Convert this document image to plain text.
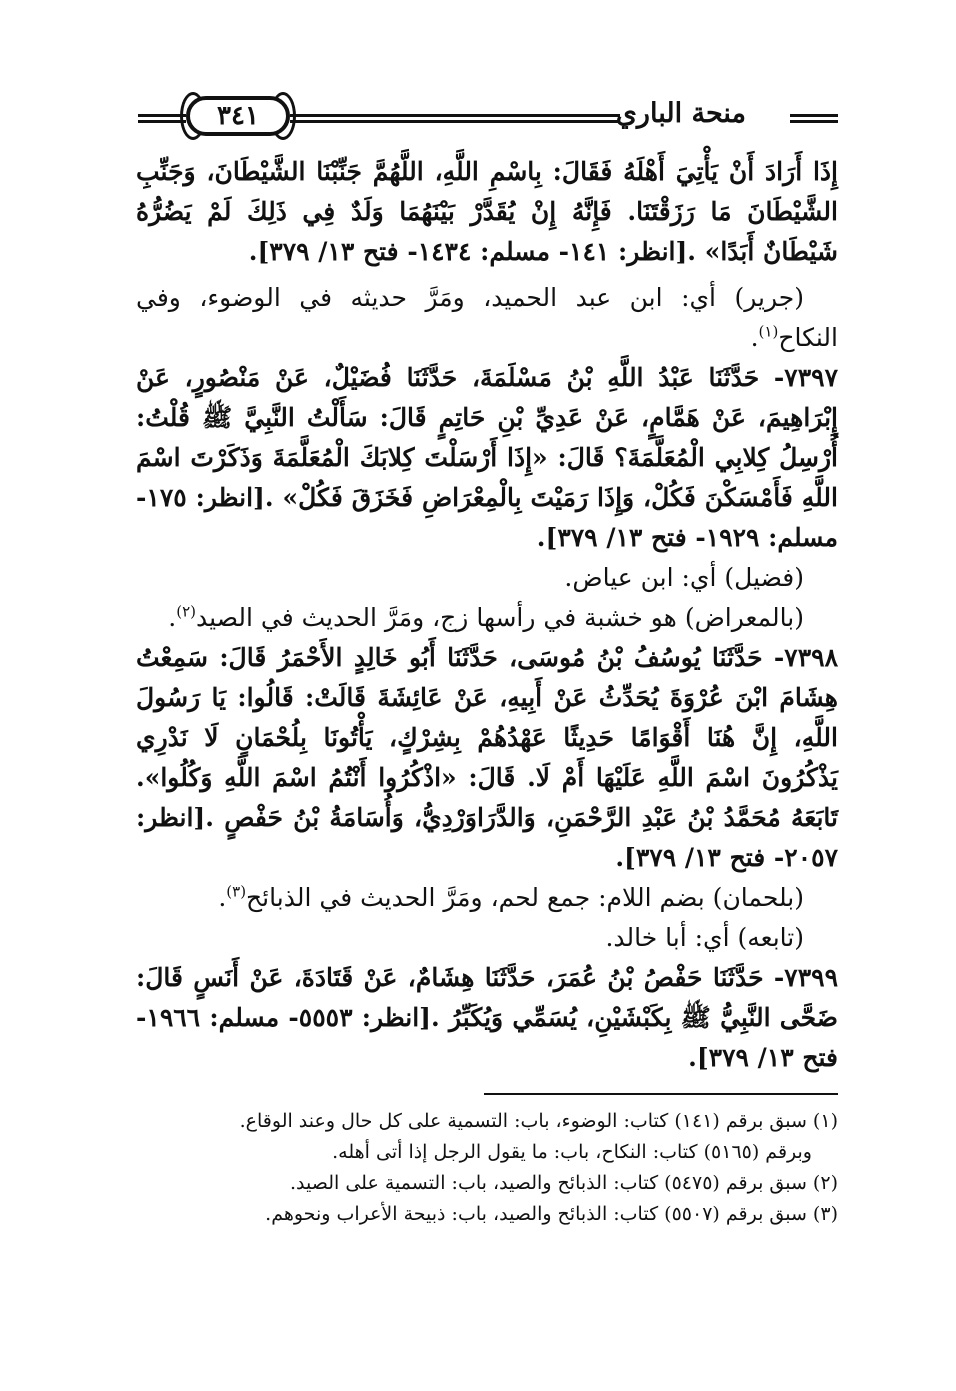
منحة الباري
٣٤١

إِذَا أَرَادَ أَنْ يَأْتِيَ أَهْلَهُ فَقَالَ: بِاسْمِ اللَّهِ، اللَّهُمَّ جَنِّبْنَا الشَّيْطَانَ، وَجَنِّبِ الشَّيْطَانَ مَا رَزَقْتَنَا. فَإِنَّهُ إِنْ يُقَدَّرْ بَيْنَهُمَا وَلَدٌ فِي ذَلِكَ لَمْ يَضُرُّهُ شَيْطَانٌ أَبَدًا» .[انظر: ١٤١- مسلم: ١٤٣٤- فتح ١٣/ ٣٧٩].

(جرير) أي: ابن عبد الحميد، ومَرَّ حديثه في الوضوء، وفي النكاح$^{(١)}$.

٧٣٩٧- حَدَّثَنَا عَبْدُ اللَّهِ بْنُ مَسْلَمَةَ، حَدَّثَنَا فُضَيْلٌ، عَنْ مَنْصُورٍ، عَنْ إِبْرَاهِيمَ، عَنْ هَمَّامٍ، عَنْ عَدِيِّ بْنِ حَاتِمٍ قَالَ: سَأَلْتُ النَّبِيَّ ﷺ قُلْتُ: أُرْسِلُ كِلابِي الْمُعَلَّمَةَ؟ قَالَ: «إِذَا أَرْسَلْتَ كِلابَكَ الْمُعَلَّمَةَ وَذَكَرْتَ اسْمَ اللَّهِ فَأَمْسَكْنَ فَكُلْ، وَإِذَا رَمَيْتَ بِالْمِعْرَاضِ فَخَزَقَ فَكُلْ» .[انظر: ١٧٥- مسلم: ١٩٢٩- فتح ١٣/ ٣٧٩].

(فضيل) أي: ابن عياض.

(بالمعراض) هو خشبة في رأسها زج، ومَرَّ الحديث في الصيد$^{(٢)}$.

٧٣٩٨- حَدَّثَنَا يُوسُفُ بْنُ مُوسَى، حَدَّثَنَا أَبُو خَالِدٍ الأَحْمَرُ قَالَ: سَمِعْتُ هِشَامَ ابْنَ عُرْوَةَ يُحَدِّثُ عَنْ أَبِيهِ، عَنْ عَائِشَةَ قَالَتْ: قَالُوا: يَا رَسُولَ اللَّهِ، إِنَّ هُنَا أَقْوَامًا حَدِيثًا عَهْدُهُمْ بِشِرْكٍ، يَأْتُونَا بِلُحْمَانٍ لَا نَدْرِي يَذْكُرُونَ اسْمَ اللَّهِ عَلَيْهَا أَمْ لَا. قَالَ: «اذْكُرُوا أَنْتُمُ اسْمَ اللَّهِ وَكُلُوا». تَابَعَهُ مُحَمَّدُ بْنُ عَبْدِ الرَّحْمَنِ، وَالدَّرَاوَرْدِيُّ، وَأُسَامَةُ بْنُ حَفْصٍ .[انظر: ٢٠٥٧- فتح ١٣/ ٣٧٩].

(بلحمان) بضم اللام: جمع لحم، ومَرَّ الحديث في الذبائح$^{(٣)}$.

(تابعه) أي: أبا خالد.

٧٣٩٩- حَدَّثَنَا حَفْصُ بْنُ عُمَرَ، حَدَّثَنَا هِشَامٌ، عَنْ قَتَادَةَ، عَنْ أَنَسٍ قَالَ: ضَحَّى النَّبِيُّ ﷺ بِكَبْشَيْنِ، يُسَمِّي وَيُكَبِّرُ .[انظر: ٥٥٥٣- مسلم: ١٩٦٦- فتح ١٣/ ٣٧٩].

(١) سبق برقم (١٤١) كتاب: الوضوء، باب: التسمية على كل حال وعند الوقاع.

وبرقم (٥١٦٥) كتاب: النكاح، باب: ما يقول الرجل إذا أتى أهله.

(٢) سبق برقم (٥٤٧٥) كتاب: الذبائح والصيد، باب: التسمية على الصيد.

(٣) سبق برقم (٥٥٠٧) كتاب: الذبائح والصيد، باب: ذبيحة الأعراب ونحوهم.
